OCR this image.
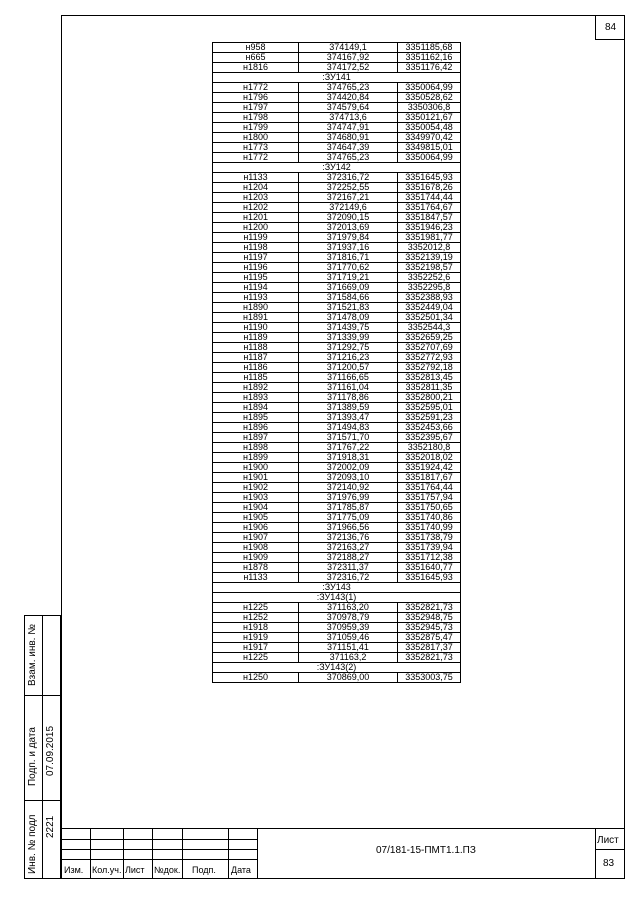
84
н958	374149,1	3351185,68
н665	374167,92	3351162,16
н1816	374172,52	3351176,42
:ЗУ141		
н1772	374765,23	3350064,99
н1796	374420,84	3350528,62
н1797	374579,64	3350306,8
н1798	374713,6	3350121,67
н1799	374747,91	3350054,48
н1800	374680,91	3349970,42
н1773	374647,39	3349815,01
н1772	374765,23	3350064,99
:ЗУ142		
н1133	372316,72	3351645,93
н1204	372252,55	3351678,26
н1203	372167,21	3351744,44
н1202	372149,6	3351764,67
н1201	372090,15	3351847,57
н1200	372013,69	3351946,23
н1199	371979,84	3351981,77
н1198	371937,16	3352012,8
н1197	371816,71	3352139,19
н1196	371770,62	3352198,57
н1195	371719,21	3352252,6
н1194	371669,09	3352295,8
н1193	371584,66	3352388,93
н1890	371521,83	3352449,04
н1891	371478,09	3352501,34
н1190	371439,75	3352544,3
н1189	371339,99	3352659,25
н1188	371292,75	3352707,69
н1187	371216,23	3352772,93
н1186	371200,57	3352792,18
н1185	371166,65	3352813,45
н1892	371161,04	3352811,35
н1893	371178,86	3352800,21
н1894	371389,59	3352595,01
н1895	371393,47	3352591,23
н1896	371494,83	3352453,66
н1897	371571,70	3352395,67
н1898	371767,22	3352180,8
н1899	371918,31	3352018,02
н1900	372002,09	3351924,42
н1901	372093,10	3351817,67
н1902	372140,92	3351764,44
н1903	371976,99	3351757,94
н1904	371785,87	3351750,65
н1905	371775,09	3351740,86
н1906	371966,56	3351740,99
н1907	372136,76	3351738,79
н1908	372163,27	3351739,94
н1909	372188,27	3351712,38
н1878	372311,37	3351640,77
н1133	372316,72	3351645,93
:ЗУ143		
:ЗУ143(1)		
н1225	371163,20	3352821,73
н1252	370978,79	3352948,75
н1918	370959,39	3352945,73
н1919	371059,46	3352875,47
н1917	371151,41	3352817,37
н1225	371163,2	3352821,73
:ЗУ143(2)		
н1250	370869,00	3353003,75
Взам. инв. №
Подп. и дата 07.09.2015
Инв. № подл 2221
Изм. Кол.уч. Лист №док. Подп. Дата
07/181-15-ПМТ1.1.ПЗ
Лист
83
